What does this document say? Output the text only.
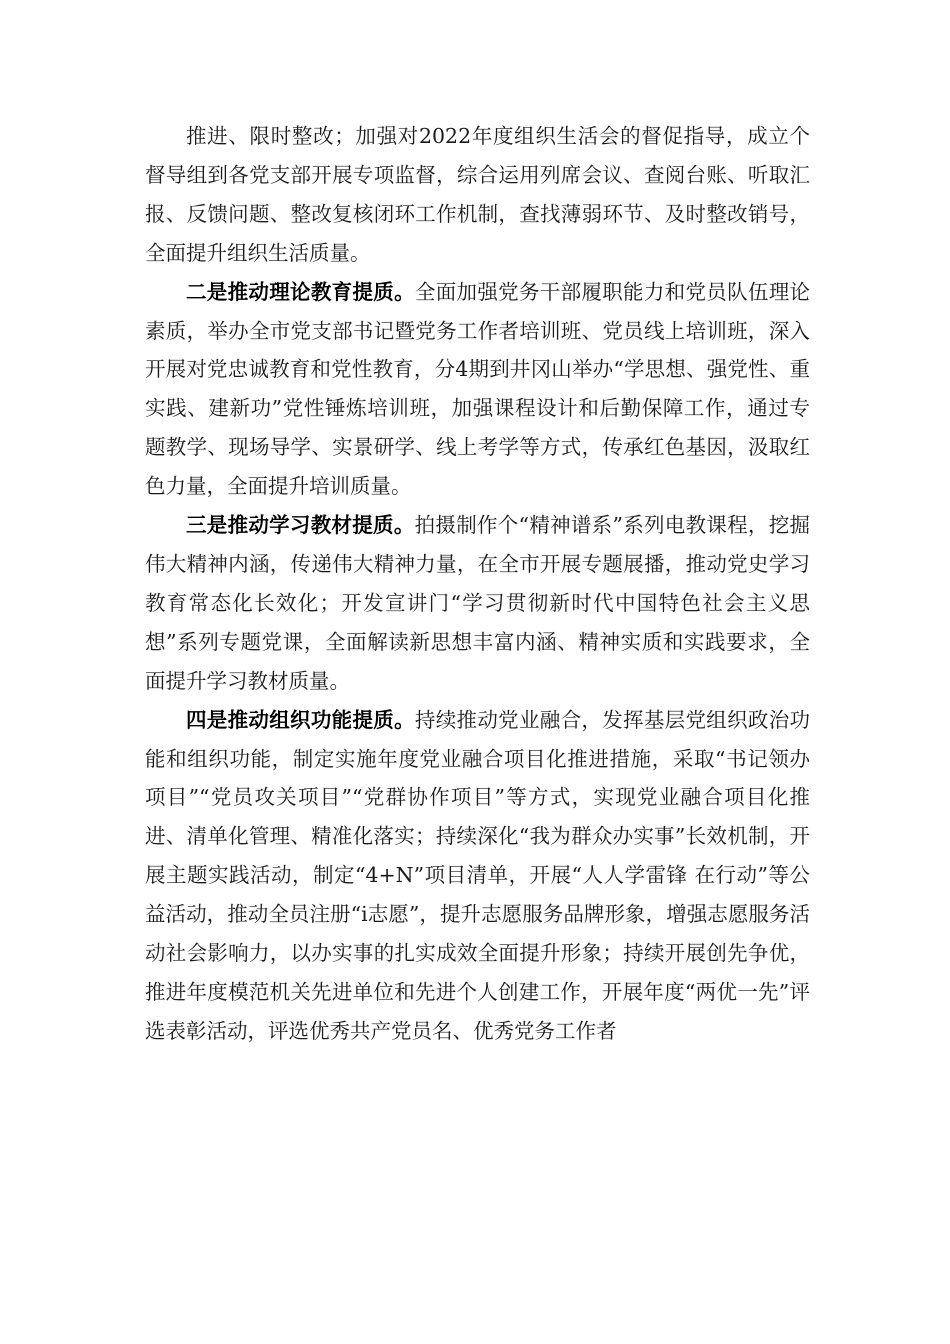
推进、限时整改；加强对2022年度组织生活会的督促指导，成立个督导组到各党支部开展专项监督，综合运用列席会议、查阅台账、听取汇报、反馈问题、整改复核闭环工作机制，查找薄弱环节、及时整改销号，全面提升组织生活质量。

二是推动理论教育提质。全面加强党务干部履职能力和党员队伍理论素质，举办全市党支部书记暨党务工作者培训班、党员线上培训班，深入开展对党忠诚教育和党性教育，分4期到井冈山举办“学思想、强党性、重实践、建新功”党性锤炼培训班，加强课程设计和后勤保障工作，通过专题教学、现场导学、实景研学、线上考学等方式，传承红色基因，汲取红色力量，全面提升培训质量。

三是推动学习教材提质。拍摄制作个“精神谱系”系列电教课程，挖掘伟大精神内涵，传递伟大精神力量，在全市开展专题展播，推动党史学习教育常态化长效化；开发宣讲门“学习贯彻新时代中国特色社会主义思想”系列专题党课，全面解读新思想丰富内涵、精神实质和实践要求，全面提升学习教材质量。

四是推动组织功能提质。持续推动党业融合，发挥基层党组织政治功能和组织功能，制定实施年度党业融合项目化推进措施，采取“书记领办项目”“党员攻关项目”“党群协作项目”等方式，实现党业融合项目化推进、清单化管理、精准化落实；持续深化“我为群众办实事”长效机制，开展主题实践活动，制定“4+N”项目清单，开展“人人学雷锋 在行动”等公益活动，推动全员注册“i志愿”，提升志愿服务品牌形象，增强志愿服务活动社会影响力，以办实事的扎实成效全面提升形象；持续开展创先争优，推进年度模范机关先进单位和先进个人创建工作，开展年度“两优一先”评选表彰活动，评选优秀共产党员名、优秀党务工作者
